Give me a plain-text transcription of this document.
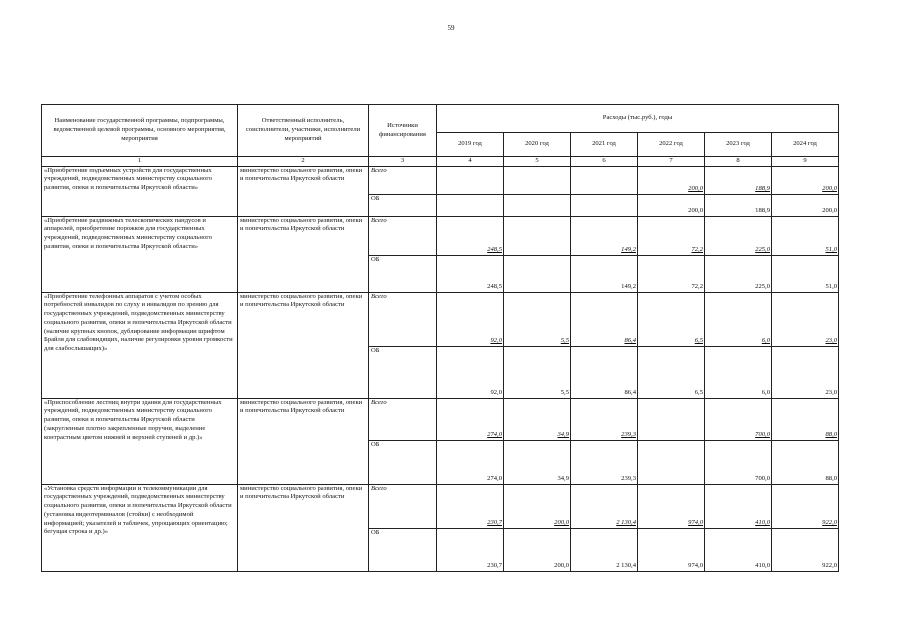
59
Наименование государственной программы, подпрограммы, ведомственной целевой программы, основного мероприятия, мероприятия	Ответственный исполнитель, соисполнители, участники, исполнители мероприятий	Источники финансирования	Расходы (тыс.руб.), годы					
			2019 год	2020 год	2021 год	2022 год	2023 год	2024 год
1	2	3	4	5	6	7	8	9
«Приобретение подъемных устройств для государственных учреждений, подведомственных министерству социального развития, опеки и попечительства Иркутской области»	министерство социального развития, опеки и попечительства Иркутской области	Всего				200,0	188,9	200,0
		ОБ				200,0	188,9	200,0
«Приобретение раздвижных телескопических пандусов и аппарелей, приобретение порожков для государственных учреждений, подведомственных министерству социального развития, опеки и попечительства Иркутской области»	министерство социального развития, опеки и попечительства Иркутской области	Всего	248,5		149,2	72,2	225,0	51,0
		ОБ	248,5		149,2	72,2	225,0	51,0
«Приобретение телефонных аппаратов с учетом особых потребностей инвалидов по слуху и инвалидов по зрению для государственных учреждений, подведомственных министерству социального развития, опеки и попечительства Иркутской области (наличие крупных кнопок, дублирование информации шрифтом Брайля для слабовидящих, наличие регулировки уровня громкости для слабослышащих)»	министерство социального развития, опеки и попечительства Иркутской области	Всего	92,0	5,5	86,4	6,5	6,0	23,0
		ОБ	92,0	5,5	86,4	6,5	6,0	23,0
«Приспособление лестниц внутри здания для государственных учреждений, подведомственных министерству социального развития, опеки и попечительства Иркутской области (закругленные плотно закрепленные поручни, выделение контрастным цветом нижней и верхней ступеней и др.)»	министерство социального развития, опеки и попечительства Иркутской области	Всего	274,0	34,9	239,3		700,0	88,0
		ОБ	274,0	34,9	239,3		700,0	88,0
«Установка средств информации и телекоммуникации для государственных учреждений, подведомственных министерству социального развития, опеки и попечительства Иркутской области (установка видеотерминалов (стойки) с необходимой информацией; указателей и табличек, упрощающих ориентацию; бегущая строка и др.)»	министерство социального развития, опеки и попечительства Иркутской области	Всего	230,7	200,0	2 130,4	974,0	410,0	922,0
		ОБ	230,7	200,0	2 130,4	974,0	410,0	922,0
